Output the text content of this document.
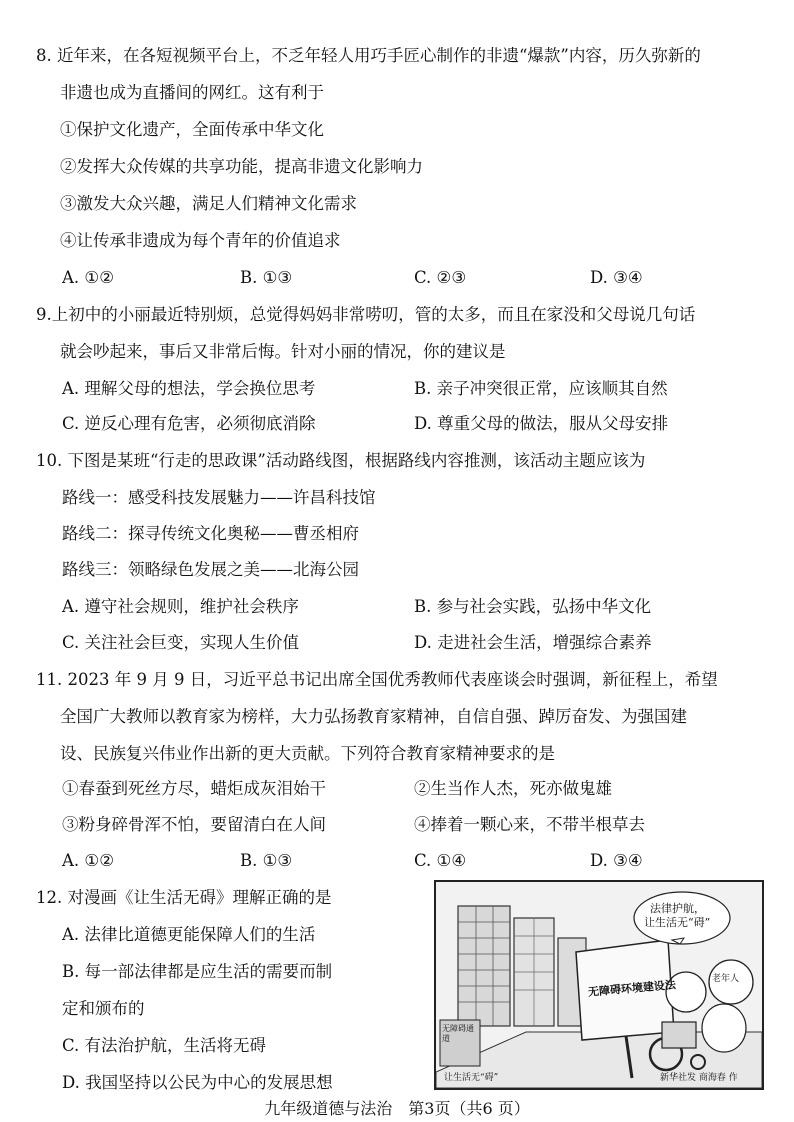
8. 近年来，在各短视频平台上，不乏年轻人用巧手匠心制作的非遗“爆款”内容，历久弥新的
非遗也成为直播间的网红。这有利于
①保护文化遗产，全面传承中华文化
②发挥大众传媒的共享功能，提高非遗文化影响力
③激发大众兴趣，满足人们精神文化需求
④让传承非遗成为每个青年的价值追求
A. ①②	B. ①③	C. ②③	D. ③④
9.上初中的小丽最近特别烦，总觉得妈妈非常唠叨，管的太多，而且在家没和父母说几句话
就会吵起来，事后又非常后悔。针对小丽的情况，你的建议是
A. 理解父母的想法，学会换位思考	B. 亲子冲突很正常，应该顺其自然
C. 逆反心理有危害，必须彻底消除	D. 尊重父母的做法，服从父母安排
10. 下图是某班“行走的思政课”活动路线图，根据路线内容推测，该活动主题应该为
路线一：感受科技发展魅力——许昌科技馆
路线二：探寻传统文化奥秘——曹丞相府
路线三：领略绿色发展之美——北海公园
A. 遵守社会规则，维护社会秩序	B. 参与社会实践，弘扬中华文化
C. 关注社会巨变，实现人生价值	D. 走进社会生活，增强综合素养
11. 2023 年 9 月 9 日，习近平总书记出席全国优秀教师代表座谈会时强调，新征程上，希望
全国广大教师以教育家为榜样，大力弘扬教育家精神，自信自强、踔厉奋发、为强国建
设、民族复兴伟业作出新的更大贡献。下列符合教育家精神要求的是
①春蚕到死丝方尽，蜡炬成灰泪始干	②生当作人杰，死亦做鬼雄
③粉身碎骨浑不怕，要留清白在人间	④捧着一颗心来，不带半根草去
A. ①②	B. ①③	C. ①④	D. ③④
12. 对漫画《让生活无碍》理解正确的是
A. 法律比道德更能保障人们的生活
B. 每一部法律都是应生活的需要而制
定和颁布的
C. 有法治护航，生活将无碍
D. 我国坚持以公民为中心的发展思想
法律护航，
让生活无“碍”
无障碍环境建设法
无障碍通道
老年人
让生活无“碍”	新华社发 商海春 作
九年级道德与法治　第3页（共6 页）
